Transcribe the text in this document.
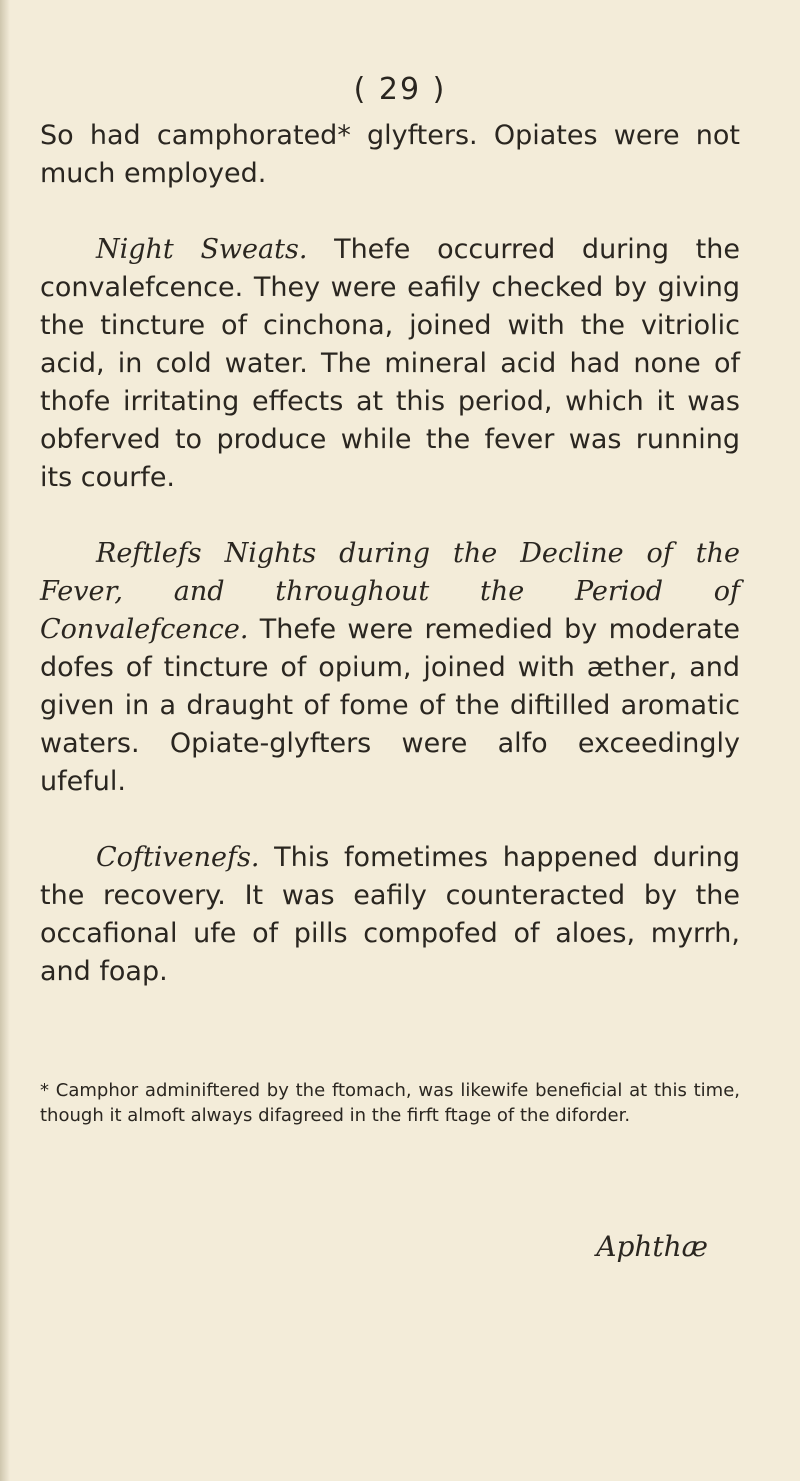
( 29 )

So had camphorated* glyfters. Opiates were not much employed.

Night Sweats. Thefe occurred during the convalefcence. They were eafily checked by giving the tincture of cinchona, joined with the vitriolic acid, in cold water. The mineral acid had none of thofe irritating effects at this period, which it was obferved to produce while the fever was running its courfe.

Reftlefs Nights during the Decline of the Fever, and throughout the Period of Convalefcence. Thefe were remedied by moderate dofes of tincture of opium, joined with æther, and given in a draught of fome of the diftilled aromatic waters. Opiate-glyfters were alfo exceedingly ufeful.

Coftivenefs. This fometimes happened during the recovery. It was eafily counteracted by the occafional ufe of pills compofed of aloes, myrrh, and foap.

* Camphor adminiftered by the ftomach, was likewife beneficial at this time, though it almoft always difagreed in the firft ftage of the diforder.
Aphthæ
